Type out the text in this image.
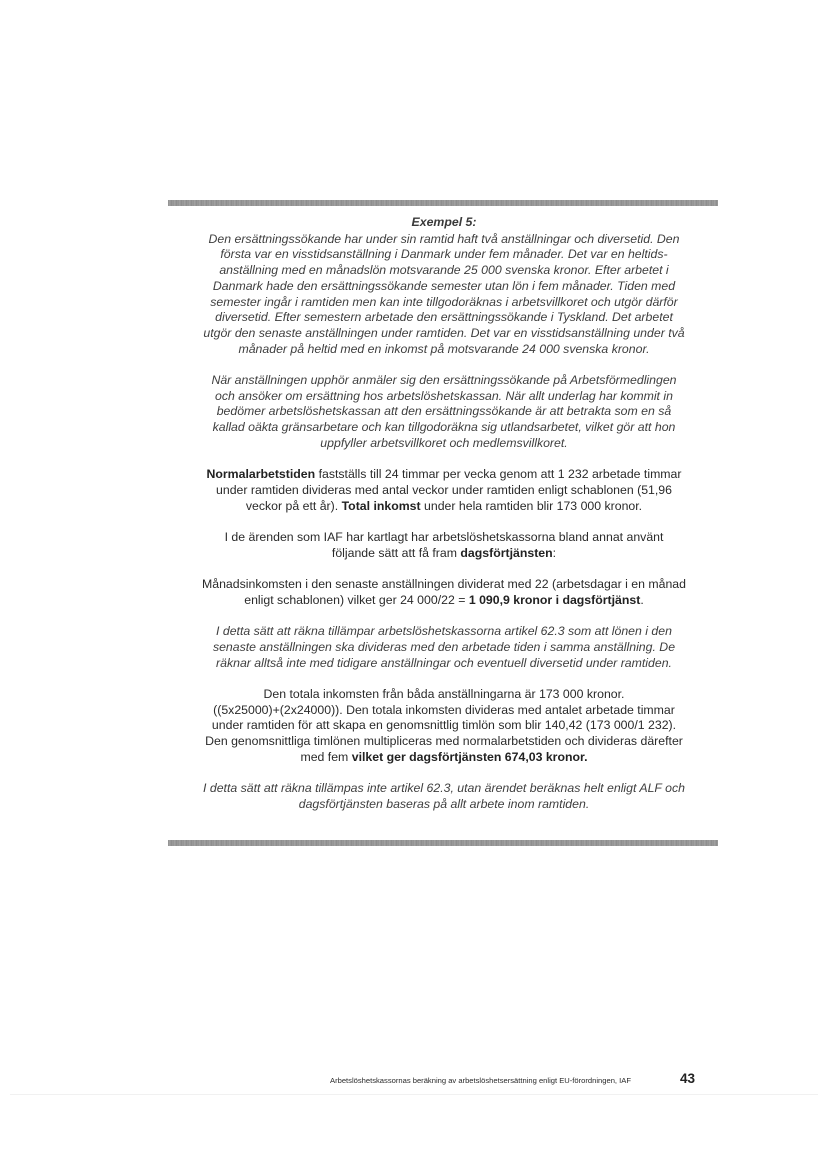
Exempel 5:

Den ersättningssökande har under sin ramtid haft två anställningar och diversetid. Den
första var en visstidsanställning i Danmark under fem månader. Det var en heltids-
anställning med en månadslön motsvarande 25 000 svenska kronor. Efter arbetet i
Danmark hade den ersättningssökande semester utan lön i fem månader. Tiden med
semester ingår i ramtiden men kan inte tillgodoräknas i arbetsvillkoret och utgör därför
diversetid. Efter semestern arbetade den ersättningssökande i Tyskland. Det arbetet
utgör den senaste anställningen under ramtiden. Det var en visstidsanställning under två
månader på heltid med en inkomst på motsvarande 24 000 svenska kronor.

När anställningen upphör anmäler sig den ersättningssökande på Arbetsförmedlingen
och ansöker om ersättning hos arbetslöshetskassan. När allt underlag har kommit in
bedömer arbetslöshetskassan att den ersättningssökande är att betrakta som en så
kallad oäkta gränsarbetare och kan tillgodoräkna sig utlandsarbetet, vilket gör att hon
uppfyller arbetsvillkoret och medlemsvillkoret.

Normalarbetstiden fastställs till 24 timmar per vecka genom att 1 232 arbetade timmar
under ramtiden divideras med antal veckor under ramtiden enligt schablonen (51,96
veckor på ett år). Total inkomst under hela ramtiden blir 173 000 kronor.

I de ärenden som IAF har kartlagt har arbetslöshetskassorna bland annat använt
följande sätt att få fram dagsförtjänsten:

Månadsinkomsten i den senaste anställningen dividerat med 22 (arbetsdagar i en månad
enligt schablonen) vilket ger 24 000/22 = 1 090,9 kronor i dagsförtjänst.

I detta sätt att räkna tillämpar arbetslöshetskassorna artikel 62.3 som att lönen i den
senaste anställningen ska divideras med den arbetade tiden i samma anställning. De
räknar alltså inte med tidigare anställningar och eventuell diversetid under ramtiden.

Den totala inkomsten från båda anställningarna är 173 000 kronor.
((5x25000)+(2x24000)). Den totala inkomsten divideras med antalet arbetade timmar
under ramtiden för att skapa en genomsnittlig timlön som blir 140,42 (173 000/1 232).
Den genomsnittliga timlönen multipliceras med normalarbetstiden och divideras därefter
med fem vilket ger dagsförtjänsten 674,03 kronor.

I detta sätt att räkna tillämpas inte artikel 62.3, utan ärendet beräknas helt enligt ALF och
dagsförtjänsten baseras på allt arbete inom ramtiden.

Arbetslöshetskassornas beräkning av arbetslöshetsersättning enligt EU-förordningen, IAF	43
